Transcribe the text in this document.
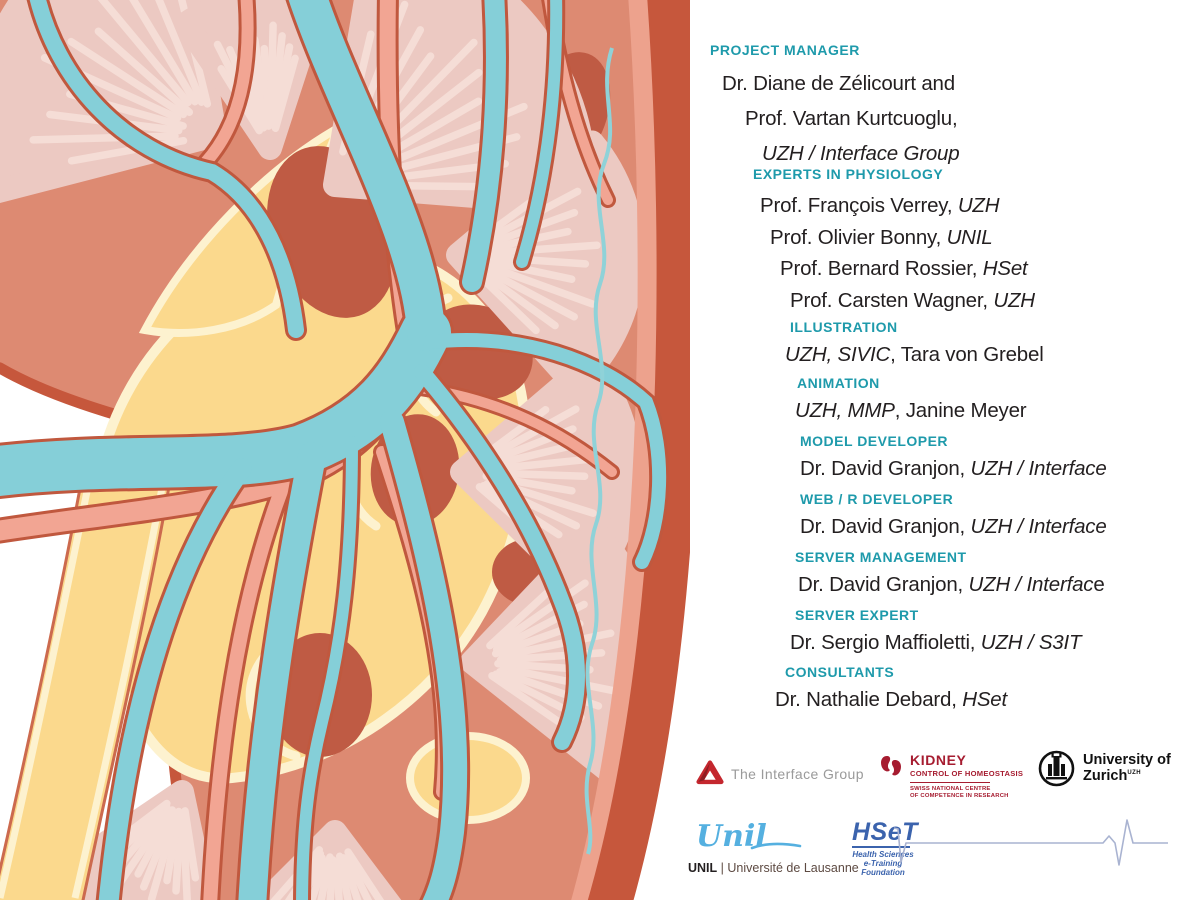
PROJECT MANAGER
Dr. Diane de Zélicourt and
Prof. Vartan Kurtcuoglu,
UZH / Interface Group
EXPERTS IN PHYSIOLOGY
Prof. François Verrey, UZH
Prof. Olivier Bonny, UNIL
Prof. Bernard Rossier, HSet
Prof. Carsten Wagner, UZH
ILLUSTRATION
UZH, SIVIC, Tara von Grebel
ANIMATION
UZH, MMP, Janine Meyer
MODEL DEVELOPER
Dr. David Granjon, UZH / Interface
WEB / R DEVELOPER
Dr. David Granjon, UZH / Interface
SERVER MANAGEMENT
Dr. David Granjon, UZH / Interface
SERVER EXPERT
Dr. Sergio Maffioletti, UZH / S3IT
CONSULTANTS
Dr. Nathalie Debard, HSet
The Interface Group
KIDNEY
CONTROL OF HOMEOSTASIS
SWISS NATIONAL CENTRE
OF COMPETENCE IN RESEARCH
University of
Zurich$^{UZH}$
Unil
UNIL | Université de Lausanne
HSeT
Health Sciences
e-Training
Foundation
